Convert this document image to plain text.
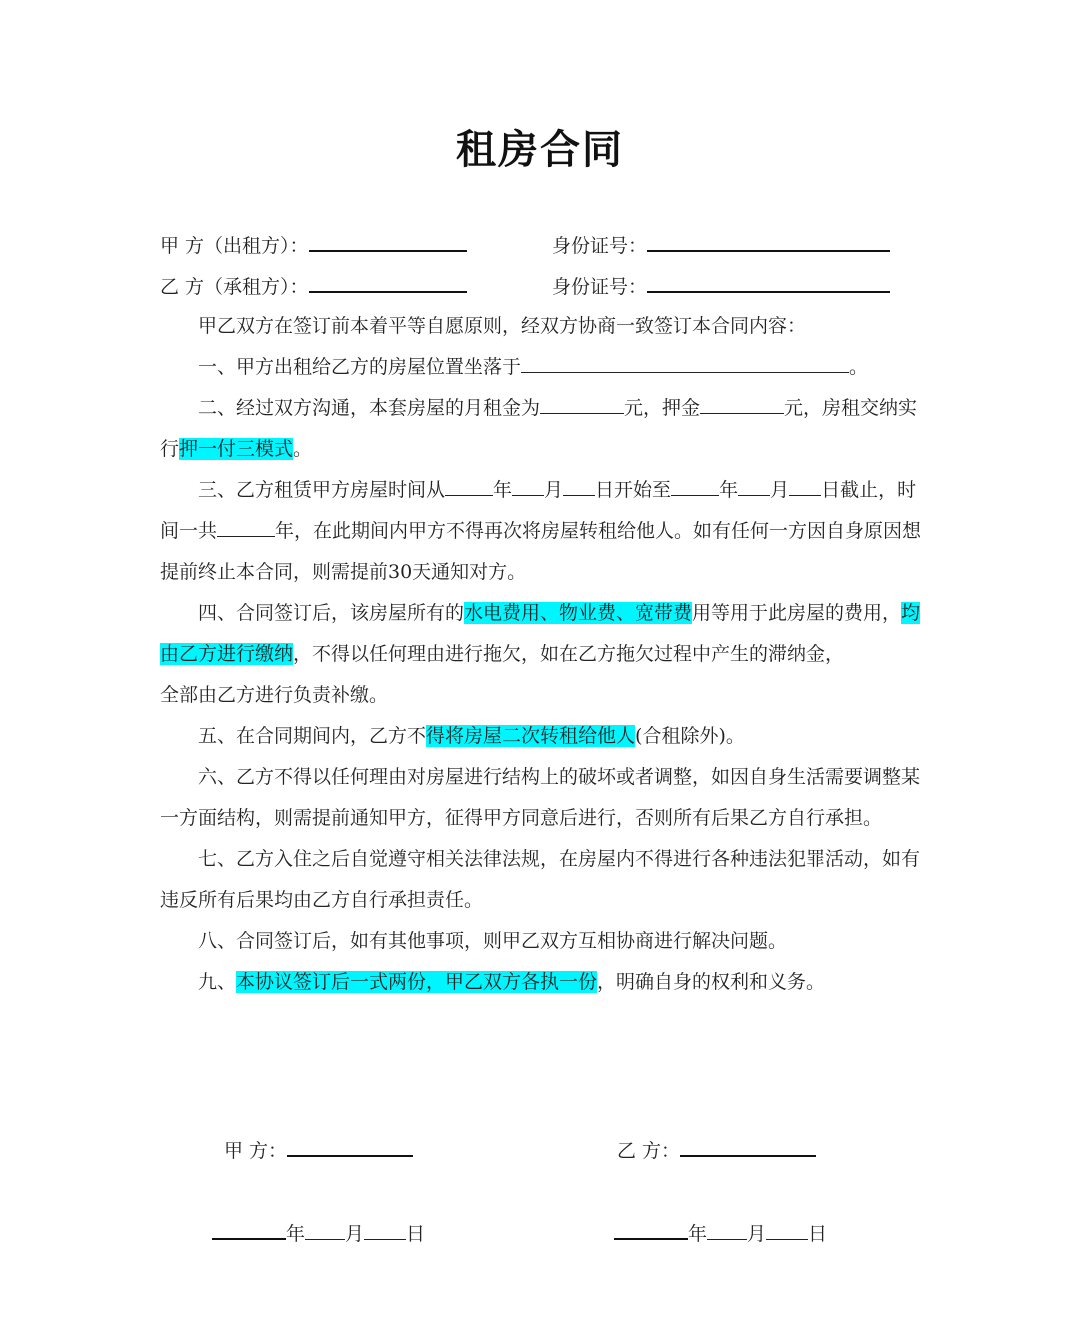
租房合同
甲 方（出租方）：	身份证号：
乙 方（承租方）：	身份证号：

甲乙双方在签订前本着平等自愿原则，经双方协商一致签订本合同内容：

一、甲方出租给乙方的房屋位置坐落于	。

二、经过双方沟通，本套房屋的月租金为	元，押金	元，房租交纳实行押一付三模式。

三、乙方租赁甲方房屋时间从	年 月 日开始至	年 月 日截止，时间一共	年，在此期间内甲方不得再次将房屋转租给他人。如有任何一方因自身原因想提前终止本合同，则需提前30天通知对方。

四、合同签订后，该房屋所有的水电费用、物业费、宽带费用等用于此房屋的费用，均由乙方进行缴纳，不得以任何理由进行拖欠，如在乙方拖欠过程中产生的滞纳金，

全部由乙方进行负责补缴。

五、在合同期间内，乙方不得将房屋二次转租给他人(合租除外)。

六、乙方不得以任何理由对房屋进行结构上的破坏或者调整，如因自身生活需要调整某一方面结构，则需提前通知甲方，征得甲方同意后进行，否则所有后果乙方自行承担。

七、乙方入住之后自觉遵守相关法律法规，在房屋内不得进行各种违法犯罪活动，如有违反所有后果均由乙方自行承担责任。

八、合同签订后，如有其他事项，则甲乙双方互相协商进行解决问题。

九、本协议签订后一式两份，甲乙双方各执一份，明确自身的权利和义务。

甲 方：	乙 方：
年 月 日	年 月 日
